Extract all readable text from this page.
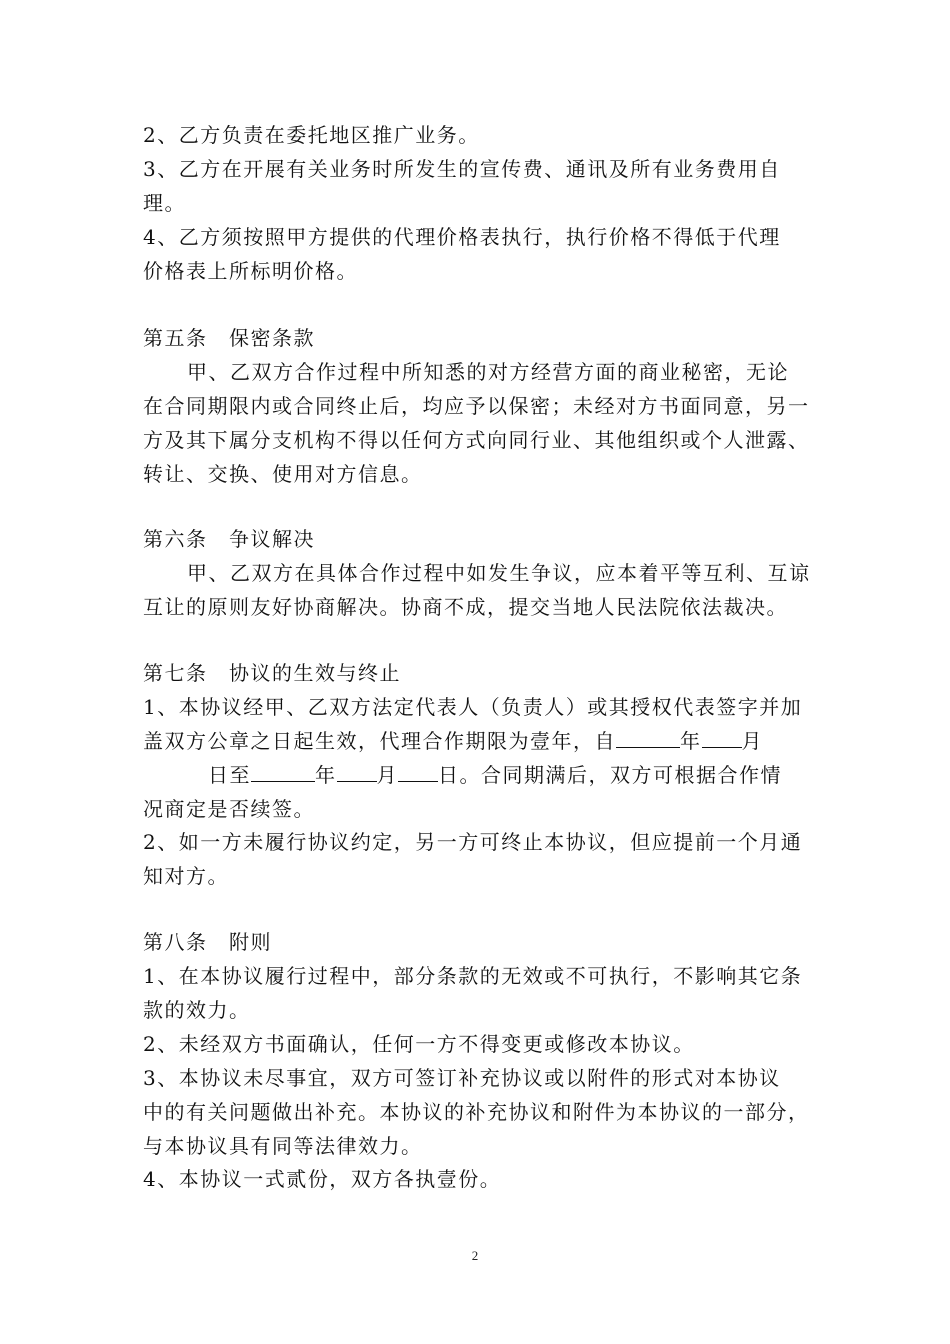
2、乙方负责在委托地区推广业务。
3、乙方在开展有关业务时所发生的宣传费、通讯及所有业务费用自
理。
4、乙方须按照甲方提供的代理价格表执行，执行价格不得低于代理
价格表上所标明价格。
第五条　保密条款
甲、乙双方合作过程中所知悉的对方经营方面的商业秘密，无论
在合同期限内或合同终止后，均应予以保密；未经对方书面同意，另一
方及其下属分支机构不得以任何方式向同行业、其他组织或个人泄露、
转让、交换、使用对方信息。
第六条　争议解决
甲、乙双方在具体合作过程中如发生争议，应本着平等互利、互谅
互让的原则友好协商解决。协商不成，提交当地人民法院依法裁决。
第七条　协议的生效与终止
1、本协议经甲、乙双方法定代表人（负责人）或其授权代表签字并加
盖双方公章之日起生效，代理合作期限为壹年，自	年 月
日至	年 月 日。合同期满后，双方可根据合作情
况商定是否续签。
2、如一方未履行协议约定，另一方可终止本协议，但应提前一个月通
知对方。
第八条　附则
1、在本协议履行过程中，部分条款的无效或不可执行，不影响其它条
款的效力。
2、未经双方书面确认，任何一方不得变更或修改本协议。
3、本协议未尽事宜，双方可签订补充协议或以附件的形式对本协议
中的有关问题做出补充。本协议的补充协议和附件为本协议的一部分，
与本协议具有同等法律效力。
4、本协议一式贰份，双方各执壹份。
2
